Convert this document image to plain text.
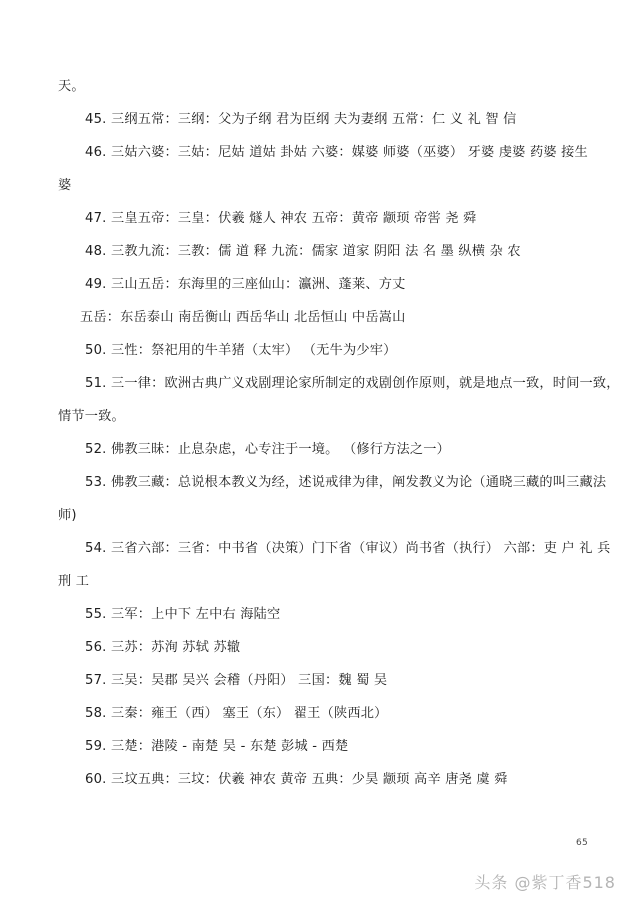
天。

45. 三纲五常：三纲：父为子纲 君为臣纲 夫为妻纲 五常：仁 义 礼 智 信

46. 三姑六婆：三姑：尼姑 道姑 卦姑 六婆：媒婆 师婆（巫婆） 牙婆 虔婆 药婆 接生

婆

47. 三皇五帝：三皇：伏羲 燧人 神农 五帝：黄帝 颛顼 帝喾 尧 舜

48. 三教九流：三教：儒 道 释 九流：儒家 道家 阴阳 法 名 墨 纵横 杂 农

49. 三山五岳：东海里的三座仙山：瀛洲、蓬莱、方丈

五岳：东岳泰山 南岳衡山 西岳华山 北岳恒山 中岳嵩山

50. 三性：祭祀用的牛羊猪（太牢） （无牛为少牢）

51. 三一律：欧洲古典广义戏剧理论家所制定的戏剧创作原则，就是地点一致，时间一致，

情节一致。

52. 佛教三昧：止息杂虑，心专注于一境。 （修行方法之一）

53. 佛教三藏：总说根本教义为经，述说戒律为律，阐发教义为论（通晓三藏的叫三藏法

师)

54. 三省六部：三省：中书省（决策）门下省（审议）尚书省（执行） 六部：吏 户 礼 兵

刑 工

55. 三军：上中下 左中右 海陆空

56. 三苏：苏洵 苏轼 苏辙

57. 三吴：吴郡 吴兴 会稽（丹阳） 三国：魏 蜀 吴

58. 三秦：雍王（西） 塞王（东） 翟王（陕西北）

59. 三楚：港陵 - 南楚 吴 - 东楚 彭城 - 西楚

60. 三坟五典：三坟：伏羲 神农 黄帝 五典：少昊 颛顼 高辛 唐尧 虞 舜

65
头条 @紫丁香518
